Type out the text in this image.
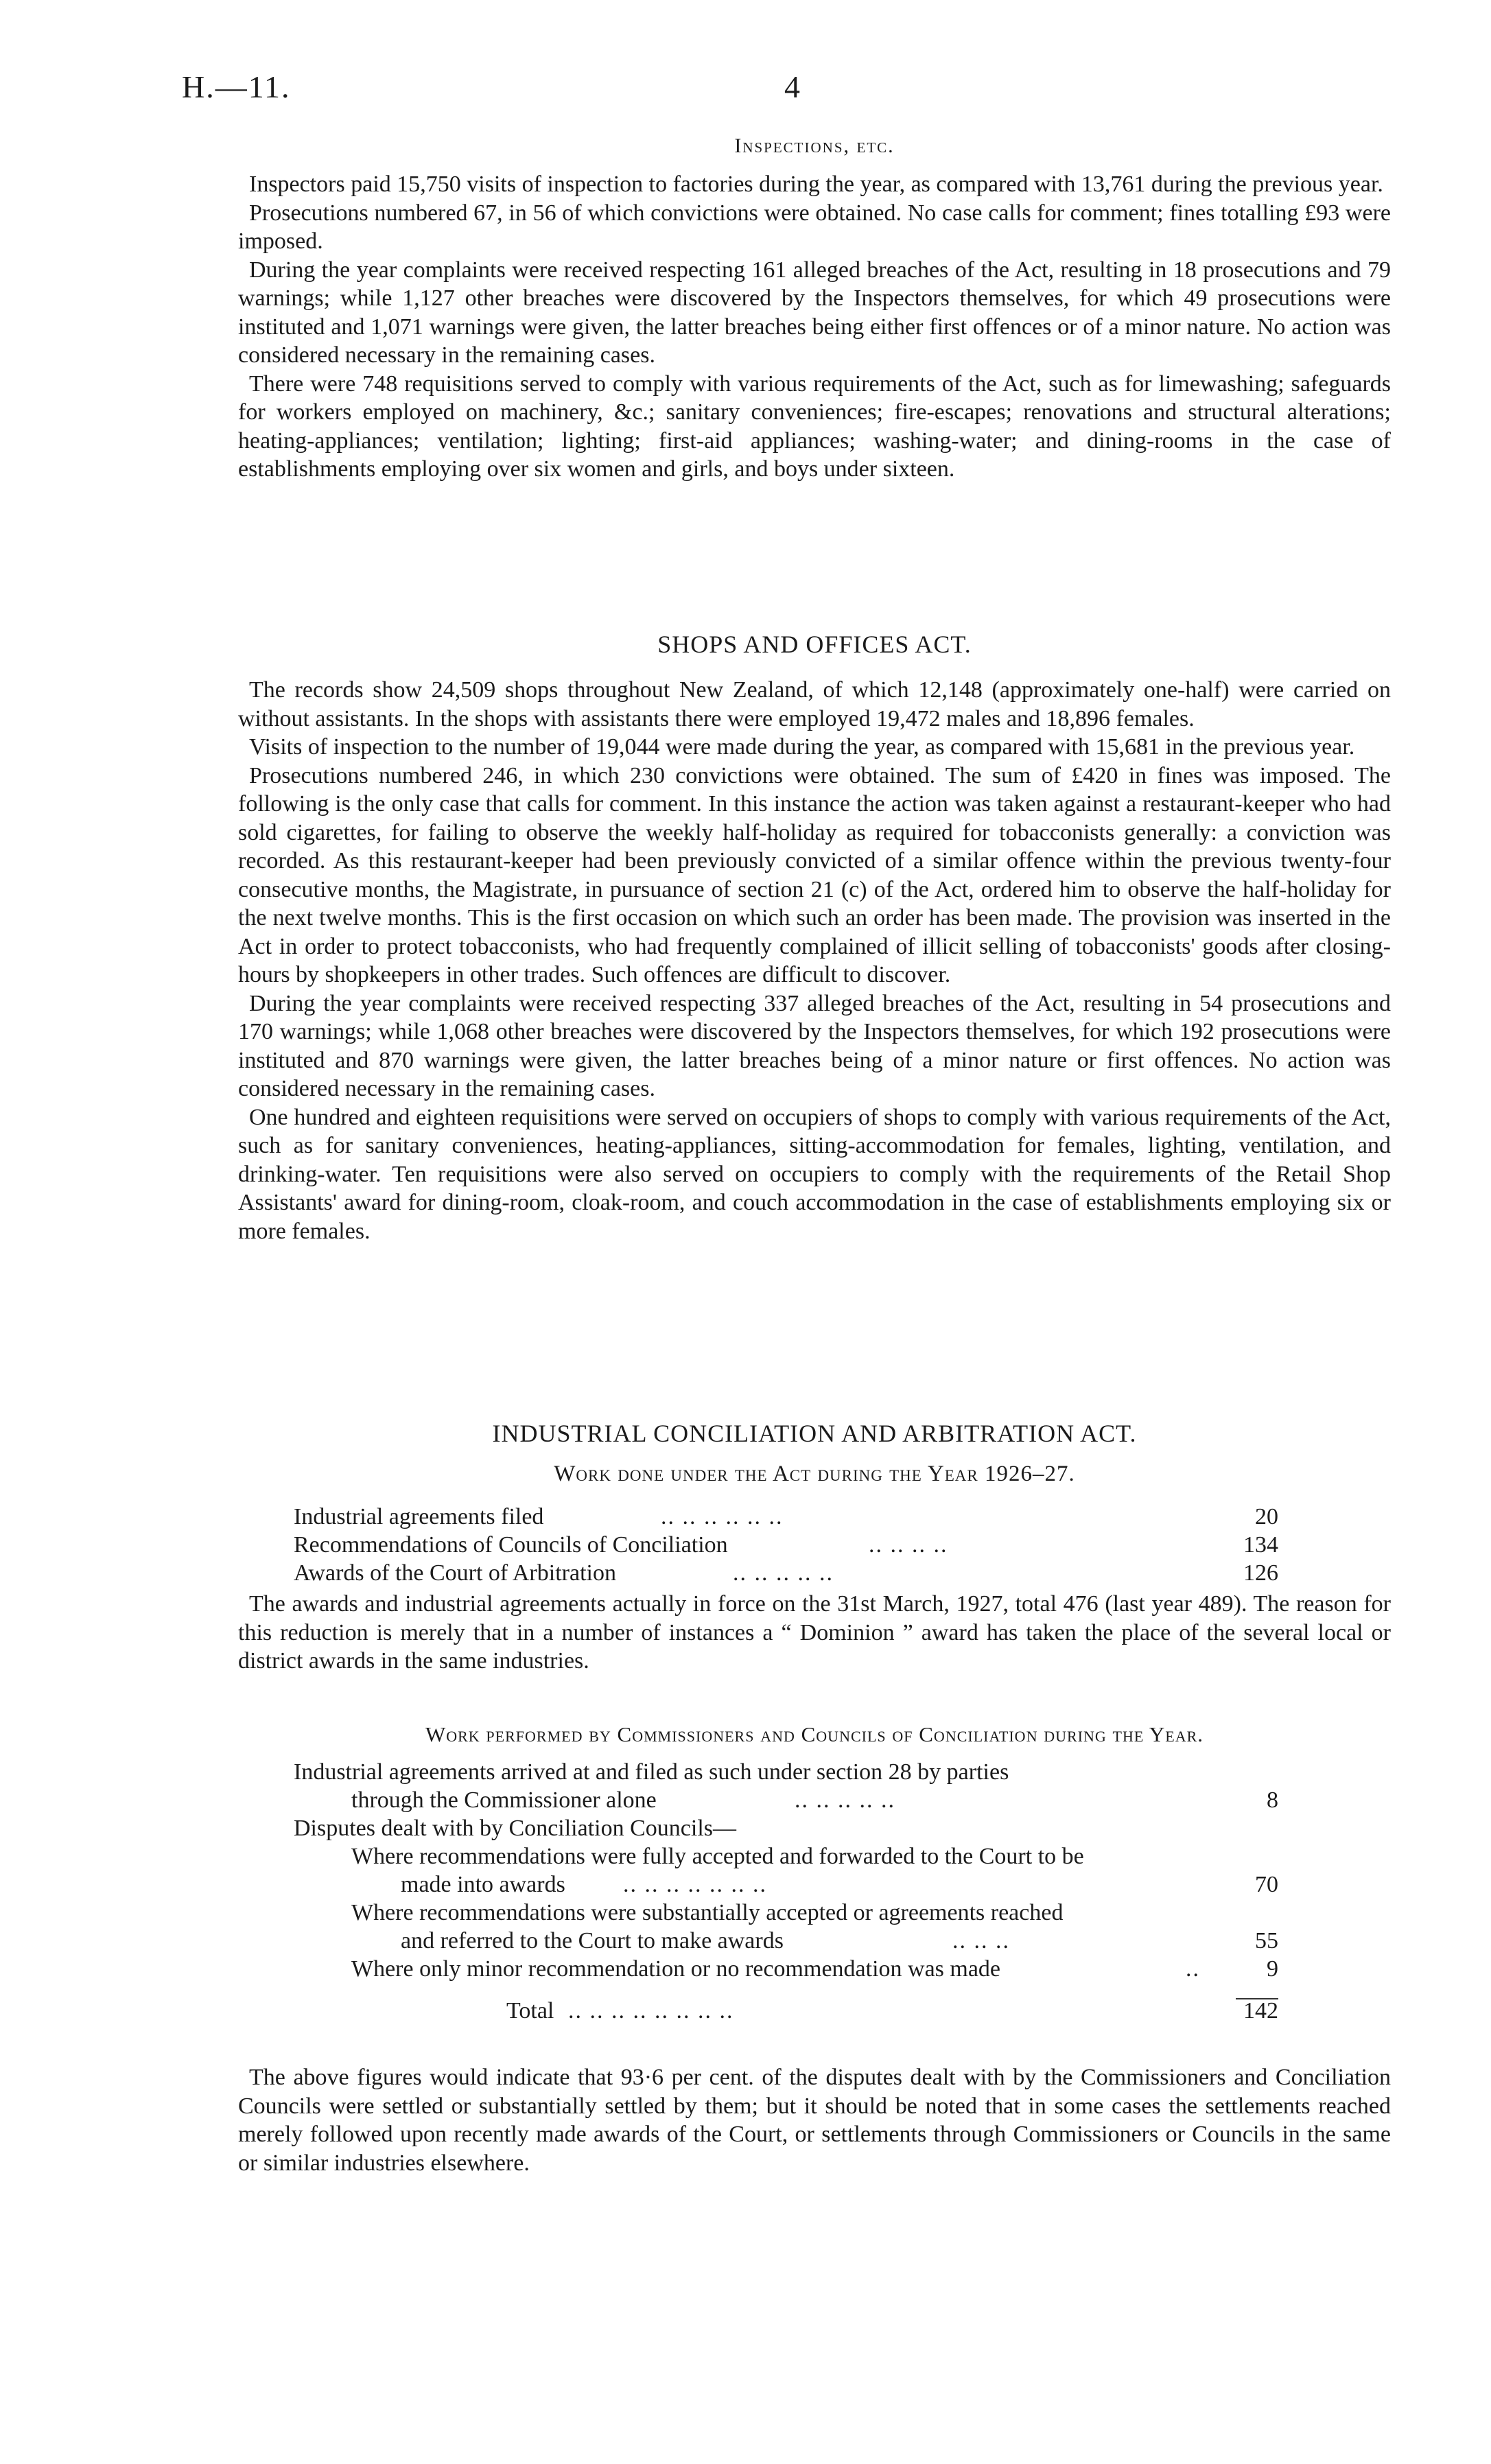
H.—11.	4
Inspections, etc.

Inspectors paid 15,750 visits of inspection to factories during the year, as compared with 13,761 during the previous year.

Prosecutions numbered 67, in 56 of which convictions were obtained. No case calls for comment; fines totalling £93 were imposed.

During the year complaints were received respecting 161 alleged breaches of the Act, resulting in 18 prosecutions and 79 warnings; while 1,127 other breaches were discovered by the Inspectors themselves, for which 49 prosecutions were instituted and 1,071 warnings were given, the latter breaches being either first offences or of a minor nature. No action was considered necessary in the remaining cases.

There were 748 requisitions served to comply with various requirements of the Act, such as for limewashing; safeguards for workers employed on machinery, &c.; sanitary conveniences; fire-escapes; renovations and structural alterations; heating-appliances; ventilation; lighting; first-aid appliances; washing-water; and dining-rooms in the case of establishments employing over six women and girls, and boys under sixteen.

SHOPS AND OFFICES ACT.

The records show 24,509 shops throughout New Zealand, of which 12,148 (approximately one-half) were carried on without assistants. In the shops with assistants there were employed 19,472 males and 18,896 females.

Visits of inspection to the number of 19,044 were made during the year, as compared with 15,681 in the previous year.

Prosecutions numbered 246, in which 230 convictions were obtained. The sum of £420 in fines was imposed. The following is the only case that calls for comment. In this instance the action was taken against a restaurant-keeper who had sold cigarettes, for failing to observe the weekly half-holiday as required for tobacconists generally: a conviction was recorded. As this restaurant-keeper had been previously convicted of a similar offence within the previous twenty-four consecutive months, the Magistrate, in pursuance of section 21 (c) of the Act, ordered him to observe the half-holiday for the next twelve months. This is the first occasion on which such an order has been made. The provision was inserted in the Act in order to protect tobacconists, who had frequently complained of illicit selling of tobacconists' goods after closing-hours by shopkeepers in other trades. Such offences are difficult to discover.

During the year complaints were received respecting 337 alleged breaches of the Act, resulting in 54 prosecutions and 170 warnings; while 1,068 other breaches were discovered by the Inspectors themselves, for which 192 prosecutions were instituted and 870 warnings were given, the latter breaches being of a minor nature or first offences. No action was considered necessary in the remaining cases.

One hundred and eighteen requisitions were served on occupiers of shops to comply with various requirements of the Act, such as for sanitary conveniences, heating-appliances, sitting-accommodation for females, lighting, ventilation, and drinking-water. Ten requisitions were also served on occupiers to comply with the requirements of the Retail Shop Assistants' award for dining-room, cloak-room, and couch accommodation in the case of establishments employing six or more females.

INDUSTRIAL CONCILIATION AND ARBITRATION ACT.
Work done under the Act during the Year 1926–27.
Industrial agreements filed	.. .. .. .. .. ..	20
Recommendations of Councils of Conciliation	.. .. .. ..	134
Awards of the Court of Arbitration	.. .. .. .. ..	126

The awards and industrial agreements actually in force on the 31st March, 1927, total 476 (last year 489). The reason for this reduction is merely that in a number of instances a “ Dominion ” award has taken the place of the several local or district awards in the same industries.

Work performed by Commissioners and Councils of Conciliation during the Year.
Industrial agreements arrived at and filed as such under section 28 by parties
through the Commissioner alone	.. .. .. .. ..	8
Disputes dealt with by Conciliation Councils—
Where recommendations were fully accepted and forwarded to the Court to be
made into awards .. .. .. .. .. .. ..	70
Where recommendations were substantially accepted or agreements reached
and referred to the Court to make awards	.. .. ..	55
Where only minor recommendation or no recommendation was made	..	9
Total .. .. .. .. .. .. .. ..	142

The above figures would indicate that 93·6 per cent. of the disputes dealt with by the Commissioners and Conciliation Councils were settled or substantially settled by them; but it should be noted that in some cases the settlements reached merely followed upon recently made awards of the Court, or settlements through Commissioners or Councils in the same or similar industries elsewhere.
